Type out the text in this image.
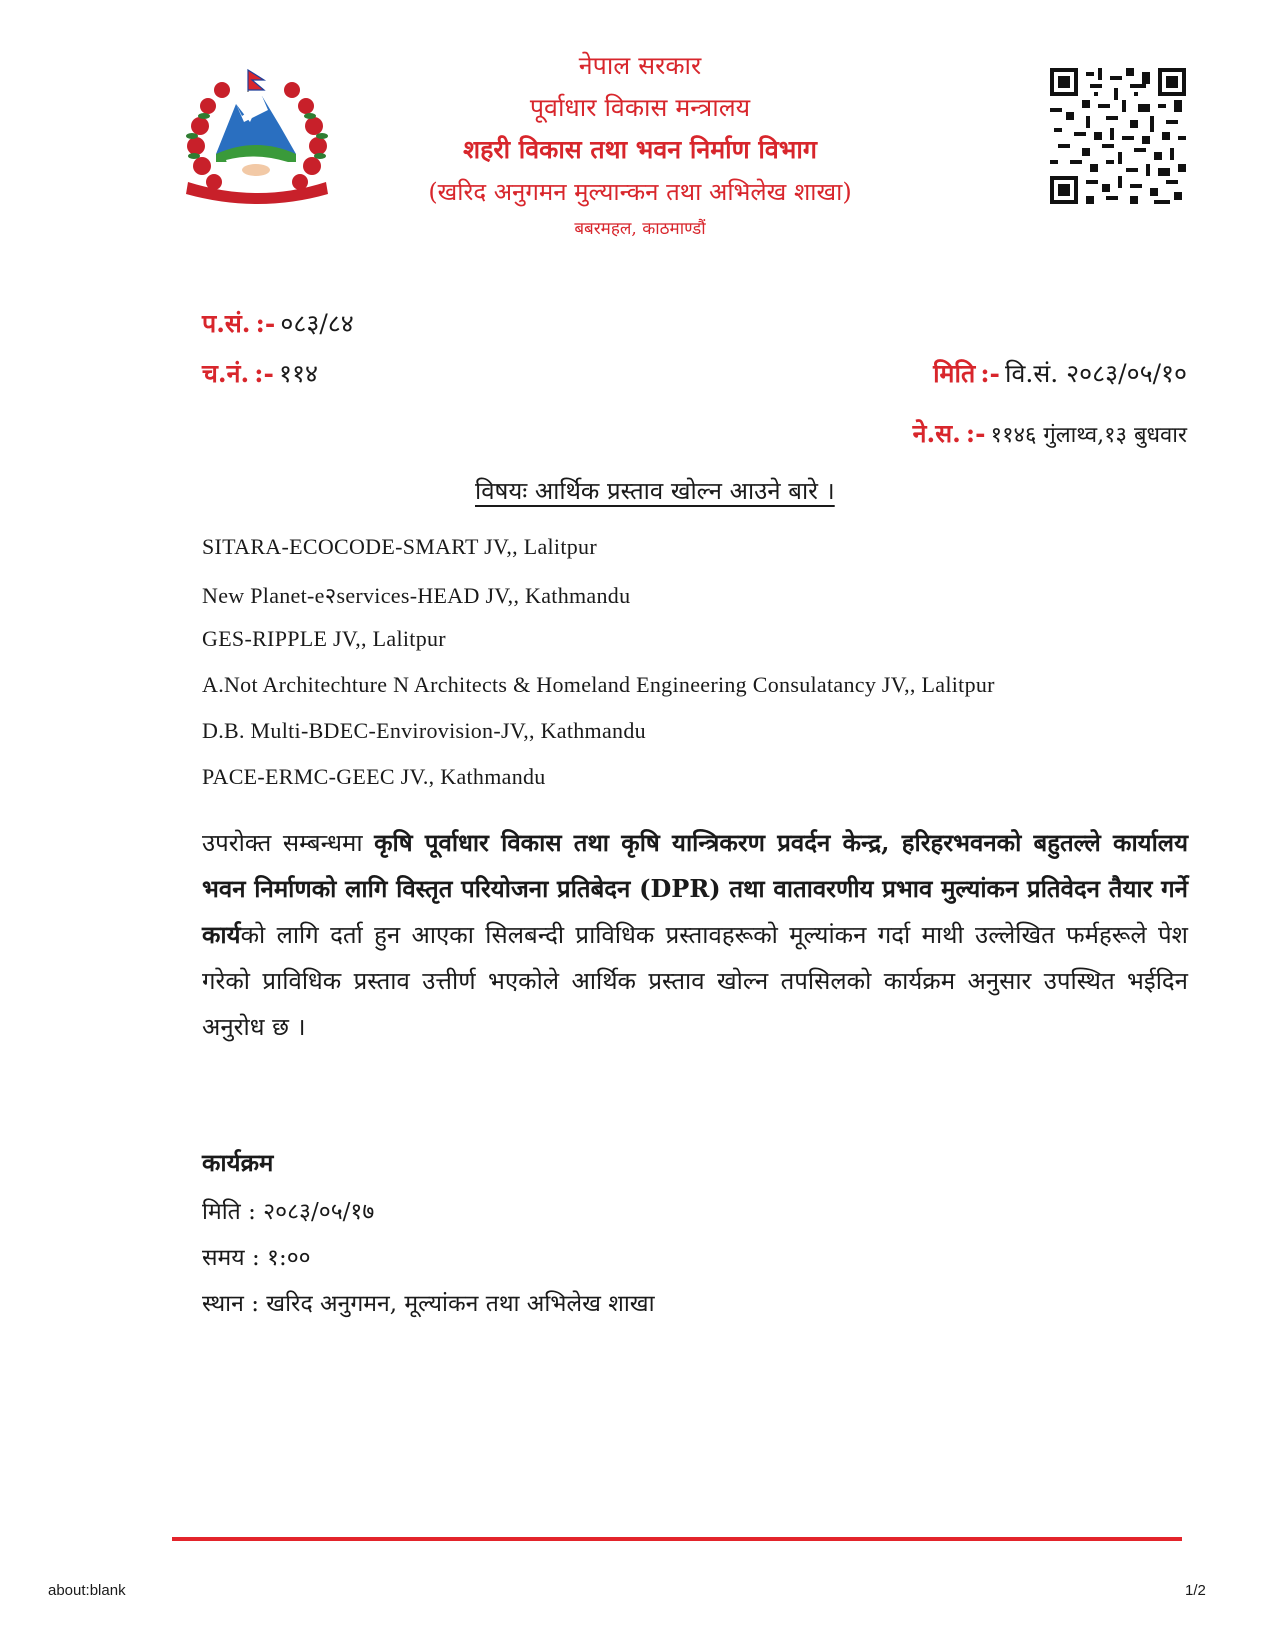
नेपाल सरकार
पूर्वाधार विकास मन्त्रालय
शहरी विकास तथा भवन निर्माण विभाग
(खरिद अनुगमन मुल्यान्कन तथा अभिलेख शाखा)
बबरमहल, काठमाण्डौं
प.सं. :- ०८३/८४
च.नं. :- ११४	मिति :- वि.सं. २०८३/०५/१०
ने.स. :- ११४६ गुंलाथ्व,१३ बुधवार
विषयः आर्थिक प्रस्ताव खोल्न आउने बारे ।
SITARA-ECOCODE-SMART JV,, Lalitpur
New Planet-e२services-HEAD JV,, Kathmandu
GES-RIPPLE JV,, Lalitpur
A.Not Architechture N Architects & Homeland Engineering Consulatancy JV,, Lalitpur
D.B. Multi-BDEC-Envirovision-JV,, Kathmandu
PACE-ERMC-GEEC JV., Kathmandu
उपरोक्त सम्बन्धमा कृषि पूर्वाधार विकास तथा कृषि यान्त्रिकरण प्रवर्दन केन्द्र, हरिहरभवनको बहुतल्ले कार्यालय भवन निर्माणको लागि विस्तृत परियोजना प्रतिबेदन (DPR) तथा वातावरणीय प्रभाव मुल्यांकन प्रतिवेदन तैयार गर्ने कार्यको लागि दर्ता हुन आएका सिलबन्दी प्राविधिक प्रस्तावहरूको मूल्यांकन गर्दा माथी उल्लेखित फर्महरूले पेश गरेको प्राविधिक प्रस्ताव उत्तीर्ण भएकोले आर्थिक प्रस्ताव खोल्न तपसिलको कार्यक्रम अनुसार उपस्थित भईदिन अनुरोध छ ।
कार्यक्रम
मिति : २०८३/०५/१७
समय : १:००
स्थान : खरिद अनुगमन, मूल्यांकन तथा अभिलेख शाखा
about:blank	1/2
